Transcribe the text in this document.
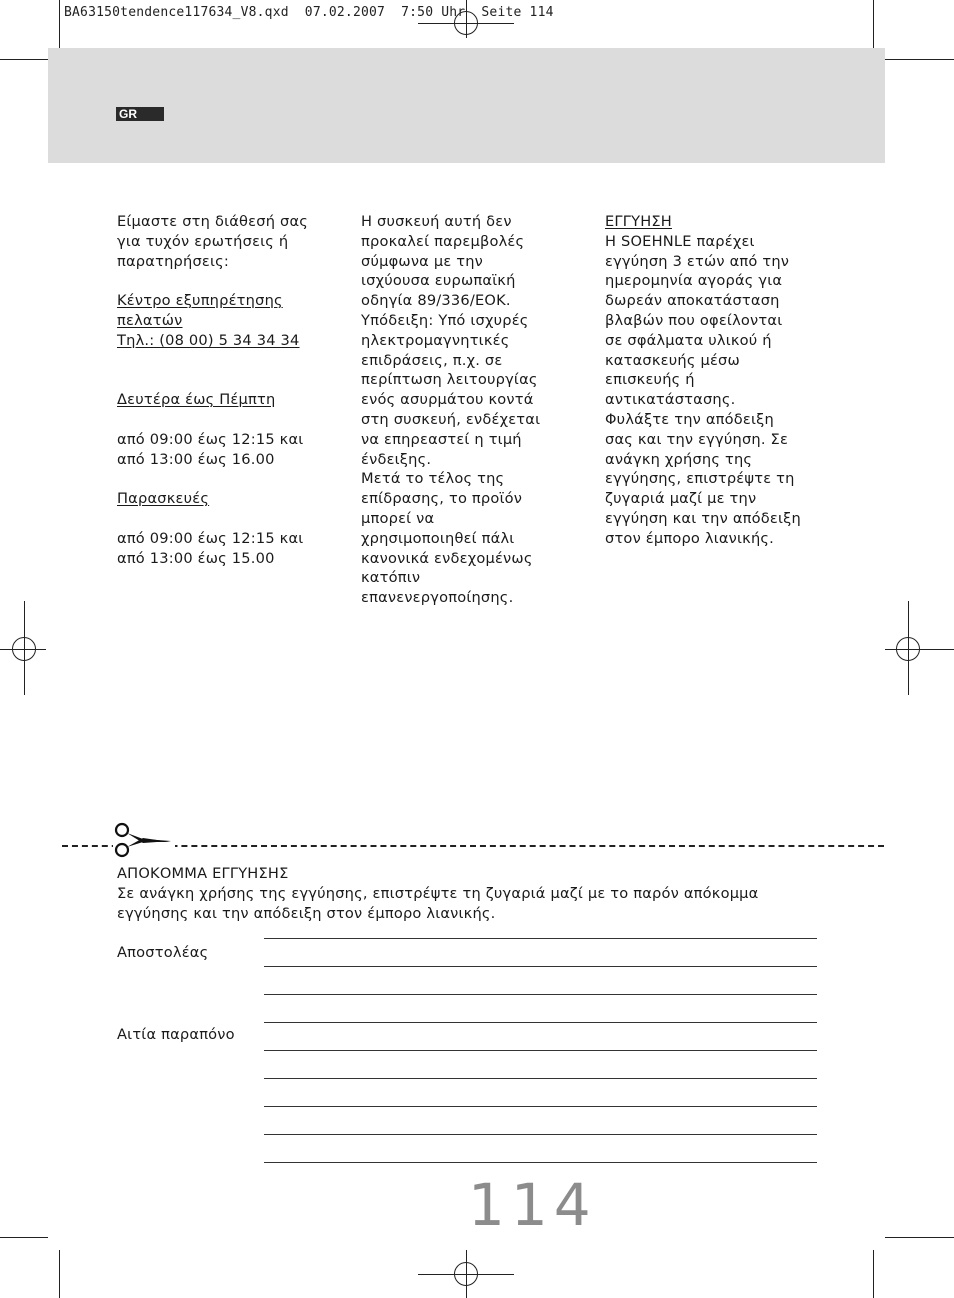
BA63150tendence117634_V8.qxd  07.02.2007  7:50 Uhr  Seite 114
GR

Είμαστε στη διάθεσή σας

για τυχόν ερωτήσεις ή

παρατηρήσεις:

Κέντρο εξυπηρέτησης

πελατών

Τηλ.: (08 00) 5 34 34 34

Δευτέρα έως Πέμπτη

από 09:00 έως 12:15 και

από 13:00 έως 16.00

Παρασκευές

από 09:00 έως 12:15 και

από 13:00 έως 15.00

Η συσκευή αυτή δεν

προκαλεί παρεμβολές

σύμφωνα με την

ισχύουσα ευρωπαϊκή

οδηγία 89/336/ΕΟΚ.

Υπόδειξη: Υπό ισχυρές

ηλεκτρομαγνητικές

επιδράσεις, π.χ. σε

περίπτωση λειτουργίας

ενός ασυρμάτου κοντά

στη συσκευή, ενδέχεται

να επηρεαστεί η τιμή

ένδειξης.

Μετά το τέλος της

επίδρασης, το προϊόν

μπορεί να

χρησιμοποιηθεί πάλι

κανονικά ενδεχομένως

κατόπιν

επανενεργοποίησης.

ΕΓΓΥΗΣΗ

Η SOEHNLE παρέχει

εγγύηση 3 ετών από την

ημερομηνία αγοράς για

δωρεάν αποκατάσταση

βλαβών που οφείλονται

σε σφάλματα υλικού ή

κατασκευής μέσω

επισκευής ή

αντικατάστασης.

Φυλάξτε την απόδειξη

σας και την εγγύηση. Σε

ανάγκη χρήσης της

εγγύησης, επιστρέψτε τη

ζυγαριά μαζί με την

εγγύηση και την απόδειξη

στον έμπορο λιανικής.

ΑΠΟΚΟΜΜΑ ΕΓΓΥΗΣΗΣ

Σε ανάγκη χρήσης της εγγύησης, επιστρέψτε τη ζυγαριά μαζί με το παρόν απόκομμα

εγγύησης και την απόδειξη στον έμπορο λιανικής.

Αποστολέας
Αιτία παραπόνο
114
